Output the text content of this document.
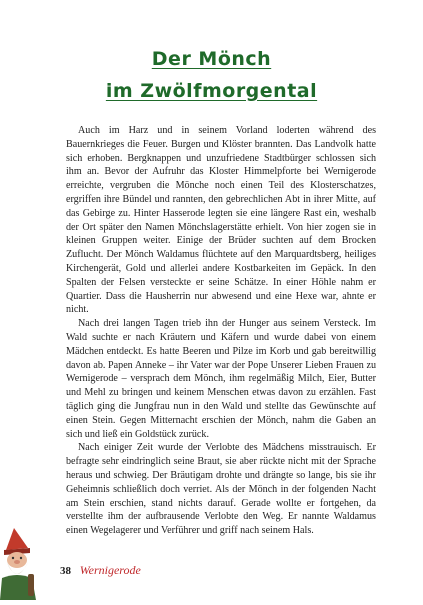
Der Mönch
im Zwölfmorgental

Auch im Harz und in seinem Vorland loderten während des Bauernkrieges die Feuer. Burgen und Klöster brannten. Das Landvolk hatte sich erhoben. Bergknappen und unzufriedene Stadtbürger schlossen sich ihm an. Bevor der Aufruhr das Kloster Himmelpforte bei Wernigerode erreichte, vergruben die Mönche noch einen Teil des Klosterschatzes, ergriffen ihre Bündel und rannten, den gebrechlichen Abt in ihrer Mitte, auf das Gebirge zu. Hinter Hasserode legten sie eine längere Rast ein, weshalb der Ort später den Namen Mönchslagerstätte erhielt. Von hier zogen sie in kleinen Gruppen weiter. Einige der Brüder suchten auf dem Brocken Zuflucht. Der Mönch Waldamus flüchtete auf den Marquardtsberg, heiliges Kirchengerät, Gold und allerlei andere Kostbarkeiten im Gepäck. In den Spalten der Felsen versteckte er seine Schätze. In einer Höhle nahm er Quartier. Dass die Hausherrin nur abwesend und eine Hexe war, ahnte er nicht.

Nach drei langen Tagen trieb ihn der Hunger aus seinem Versteck. Im Wald suchte er nach Kräutern und Käfern und wurde dabei von einem Mädchen entdeckt. Es hatte Beeren und Pilze im Korb und gab bereitwillig davon ab. Papen Anneke – ihr Vater war der Pope Unserer Lieben Frauen zu Wernigerode – versprach dem Mönch, ihm regelmäßig Milch, Eier, Butter und Mehl zu bringen und keinem Menschen etwas davon zu erzählen. Fast täglich ging die Jungfrau nun in den Wald und stellte das Gewünschte auf einen Stein. Gegen Mitternacht erschien der Mönch, nahm die Gaben an sich und ließ ein Goldstück zurück.

Nach einiger Zeit wurde der Verlobte des Mädchens misstrauisch. Er befragte sehr eindringlich seine Braut, sie aber rückte nicht mit der Sprache heraus und schwieg. Der Bräutigam drohte und drängte so lange, bis sie ihr Geheimnis schließlich doch verriet. Als der Mönch in der folgenden Nacht am Stein erschien, stand nichts darauf. Gerade wollte er fortgehen, da verstellte ihm der aufbrausende Verlobte den Weg. Er nannte Waldamus einen Wegelagerer und Verführer und griff nach seinem Hals.

38 Wernigerode
